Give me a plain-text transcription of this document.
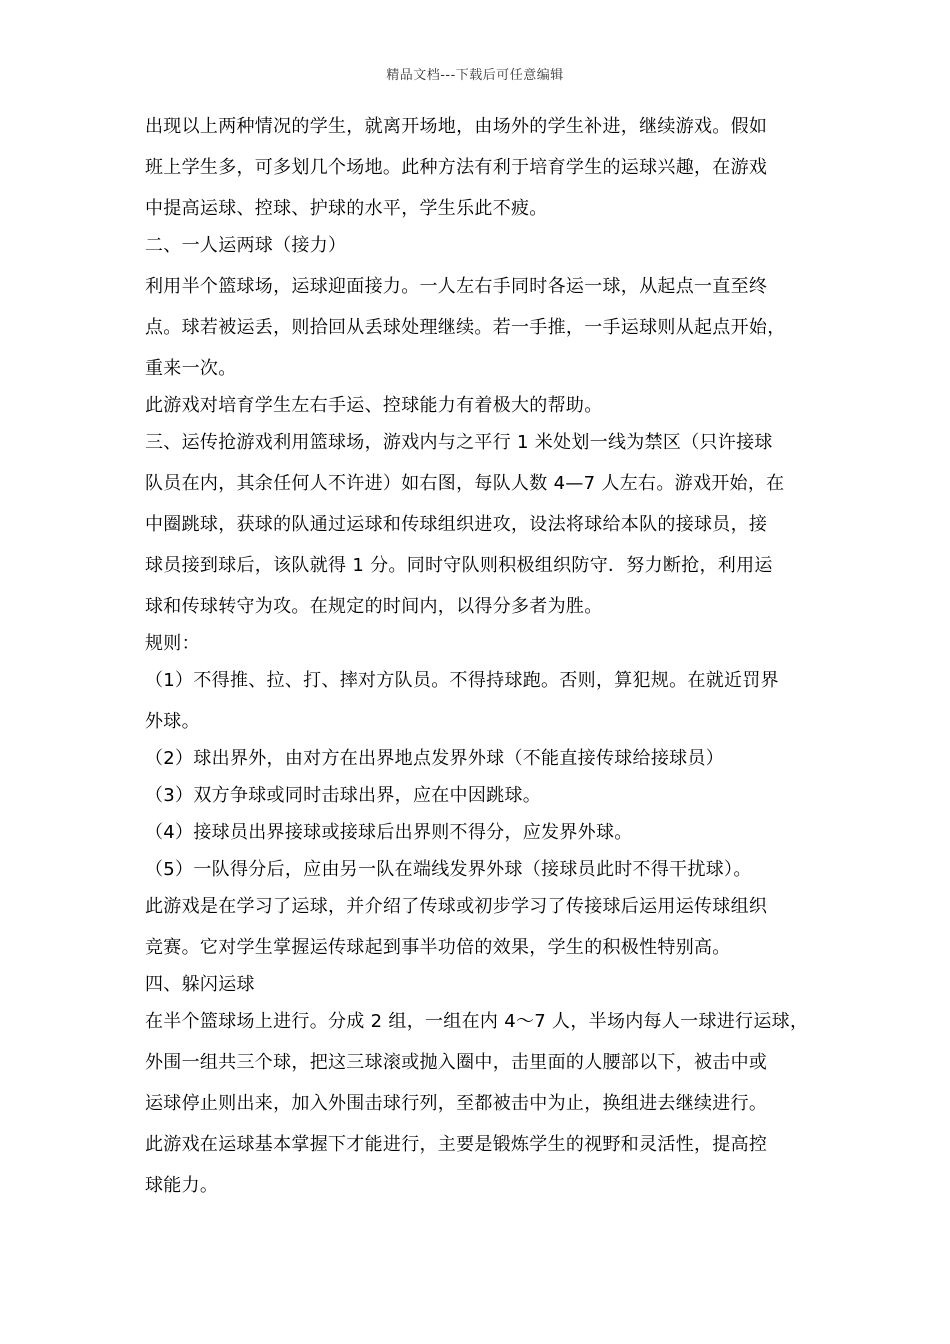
精品文档---下载后可任意编辑
出现以上两种情况的学生，就离开场地，由场外的学生补进，继续游戏。假如
班上学生多，可多划几个场地。此种方法有利于培育学生的运球兴趣，在游戏
中提高运球、控球、护球的水平，学生乐此不疲。
二、一人运两球（接力）
利用半个篮球场，运球迎面接力。一人左右手同时各运一球，从起点一直至终
点。球若被运丢，则拾回从丢球处理继续。若一手推，一手运球则从起点开始，
重来一次。
此游戏对培育学生左右手运、控球能力有着极大的帮助。
三、运传抢游戏利用篮球场，游戏内与之平行 1 米处划一线为禁区（只许接球
队员在内，其余任何人不许进）如右图，每队人数 4—7 人左右。游戏开始，在
中圈跳球，获球的队通过运球和传球组织进攻，设法将球给本队的接球员，接
球员接到球后，该队就得 1 分。同时守队则积极组织防守．努力断抢，利用运
球和传球转守为攻。在规定的时间内，以得分多者为胜。
规则：
（1）不得推、拉、打、摔对方队员。不得持球跑。否则，算犯规。在就近罚界
外球。
（2）球出界外，由对方在出界地点发界外球（不能直接传球给接球员）
（3）双方争球或同时击球出界，应在中因跳球。
（4）接球员出界接球或接球后出界则不得分，应发界外球。
（5）一队得分后，应由另一队在端线发界外球（接球员此时不得干扰球）。
此游戏是在学习了运球，并介绍了传球或初步学习了传接球后运用运传球组织
竞赛。它对学生掌握运传球起到事半功倍的效果，学生的积极性特别高。
四、躲闪运球
在半个篮球场上进行。分成 2 组，一组在内 4～7 人，半场内每人一球进行运球，
外围一组共三个球，把这三球滚或抛入圈中，击里面的人腰部以下，被击中或
运球停止则出来，加入外围击球行列，至都被击中为止，换组进去继续进行。
此游戏在运球基本掌握下才能进行，主要是锻炼学生的视野和灵活性，提高控
球能力。
